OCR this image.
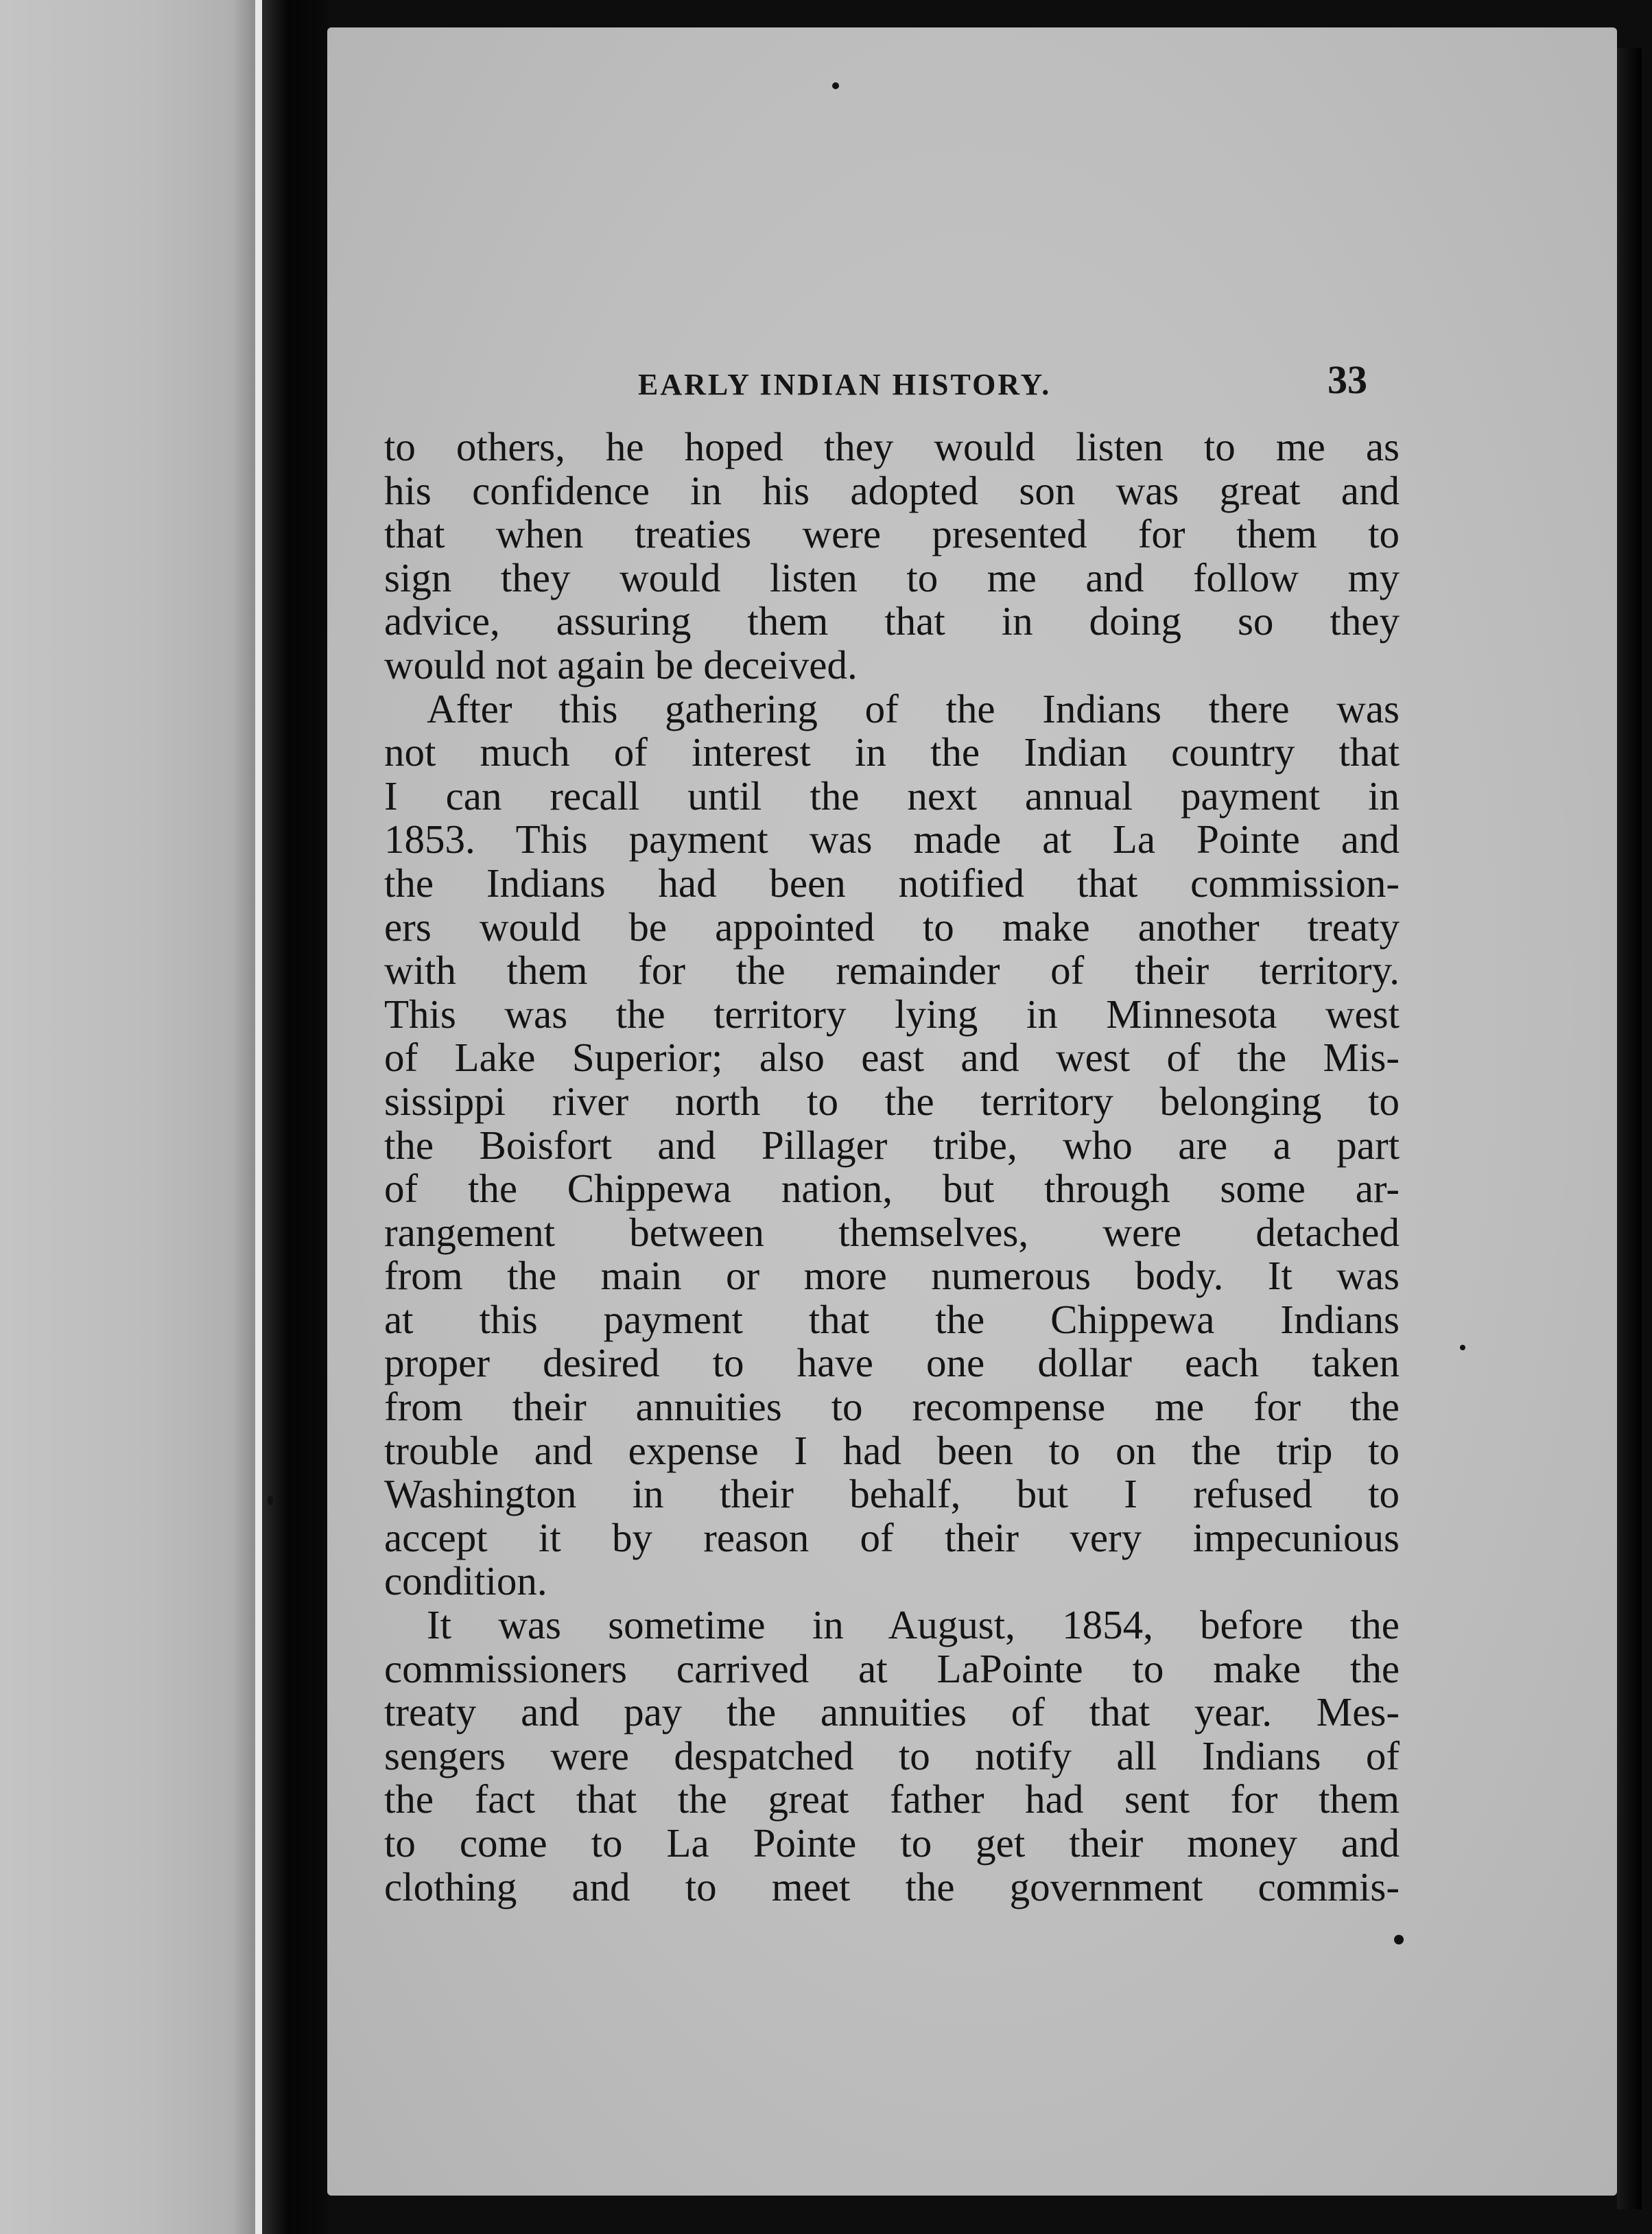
EARLY INDIAN HISTORY.	33
to others, he hoped they would listen to me as
his confidence in his adopted son was great and
that when treaties were presented for them to
sign they would listen to me and follow my
advice, assuring them that in doing so they
would not again be deceived.
After this gathering of the Indians there was
not much of interest in the Indian country that
I can recall until the next annual payment in
1853. This payment was made at La Pointe and
the Indians had been notified that commission-
ers would be appointed to make another treaty
with them for the remainder of their territory.
This was the territory lying in Minnesota west
of Lake Superior; also east and west of the Mis-
sissippi river north to the territory belonging to
the Boisfort and Pillager tribe, who are a part
of the Chippewa nation, but through some ar-
rangement between themselves, were detached
from the main or more numerous body. It was
at this payment that the Chippewa Indians
proper desired to have one dollar each taken
from their annuities to recompense me for the
trouble and expense I had been to on the trip to
Washington in their behalf, but I refused to
accept it by reason of their very impecunious
condition.
It was sometime in August, 1854, before the
commissioners carrived at LaPointe to make the
treaty and pay the annuities of that year. Mes-
sengers were despatched to notify all Indians of
the fact that the great father had sent for them
to come to La Pointe to get their money and
clothing and to meet the government commis-
